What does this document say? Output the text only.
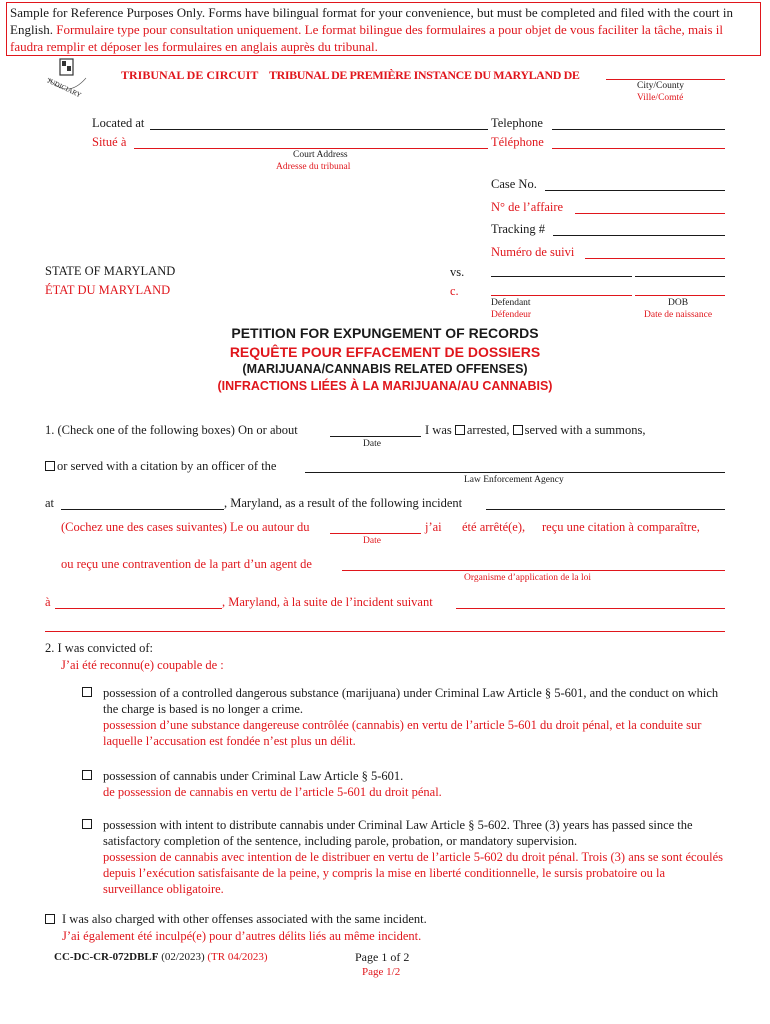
Sample for Reference Purposes Only. Forms have bilingual format for your convenience, but must be completed and filed with the court in English. Formulaire type pour consultation uniquement. Le format bilingue des formulaires a pour objet de vous faciliter la tâche, mais il faudra remplir et déposer les formulaires en anglais auprès du tribunal.
JUDICIARY
TRIBUNAL DE CIRCUIT TRIBUNAL DE PREMIÈRE INSTANCE DU MARYLAND DE
City/County
Ville/Comté
Located at
Situé à
Court Address
Adresse du tribunal
Telephone
Téléphone
Case No.
N° de l’affaire
Tracking #
Numéro de suivi
STATE OF MARYLAND
ÉTAT DU MARYLAND
vs.
c.
Defendant
Défendeur
DOB
Date de naissance
PETITION FOR EXPUNGEMENT OF RECORDS
REQUÊTE POUR EFFACEMENT DE DOSSIERS
(MARIJUANA/CANNABIS RELATED OFFENSES)
(INFRACTIONS LIÉES À LA MARIJUANA/AU CANNABIS)
1. (Check one of the following boxes) On or about
Date
I was arrested, served with a summons,
or served with a citation by an officer of the
Law Enforcement Agency
at	, Maryland, as a result of the following incident
(Cochez une des cases suivantes) Le ou autour du	j’ai été arrêté(e), reçu une citation à comparaître,
Date
ou reçu une contravention de la part d’un agent de
Organisme d’application de la loi
à	, Maryland, à la suite de l’incident suivant
2. I was convicted of:
J’ai été reconnu(e) coupable de :
possession of a controlled dangerous substance (marijuana) under Criminal Law Article § 5-601, and the conduct on which the charge is based is no longer a crime.
possession d’une substance dangereuse contrôlée (cannabis) en vertu de l’article 5-601 du droit pénal, et la conduite sur laquelle l’accusation est fondée n’est plus un délit.
possession of cannabis under Criminal Law Article § 5-601.
de possession de cannabis en vertu de l’article 5-601 du droit pénal.
possession with intent to distribute cannabis under Criminal Law Article § 5-602. Three (3) years has passed since the satisfactory completion of the sentence, including parole, probation, or mandatory supervision.
possession de cannabis avec intention de le distribuer en vertu de l’article 5-602 du droit pénal. Trois (3) ans se sont écoulés depuis l’exécution satisfaisante de la peine, y compris la mise en liberté conditionnelle, le sursis probatoire ou la surveillance obligatoire.
I was also charged with other offenses associated with the same incident.
J’ai également été inculpé(e) pour d’autres délits liés au même incident.
CC-DC-CR-072DBLF (02/2023) (TR 04/2023)	Page 1 of 2
Page 1/2
